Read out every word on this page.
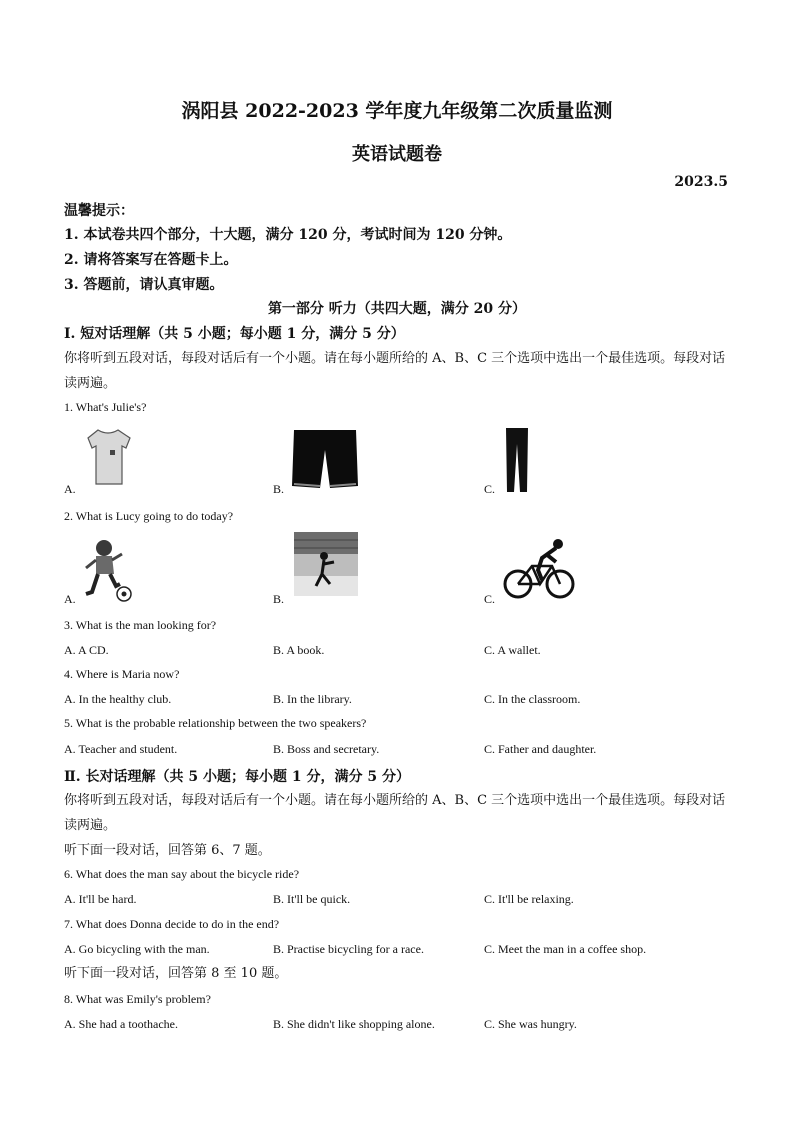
涡阳县 2022-2023 学年度九年级第二次质量监测
英语试题卷
2023.5
温馨提示：
1. 本试卷共四个部分，十大题，满分 120 分，考试时间为 120 分钟。
2. 请将答案写在答题卡上。
3. 答题前，请认真审题。
第一部分 听力（共四大题，满分 20 分）
Ⅰ. 短对话理解（共 5 小题；每小题 1 分，满分 5 分）
你将听到五段对话，每段对话后有一个小题。请在每小题所给的 A、B、C 三个选项中选出一个最佳选项。每段对话读两遍。
1. What's Julie's?
A.	B.	C.
2. What is Lucy going to do today?
A.	B.	C.
3. What is the man looking for?
A. A CD.	B. A book.	C. A wallet.
4. Where is Maria now?
A. In the healthy club.	B. In the library.	C. In the classroom.
5. What is the probable relationship between the two speakers?
A. Teacher and student.	B. Boss and secretary.	C. Father and daughter.
Ⅱ. 长对话理解（共 5 小题；每小题 1 分，满分 5 分）
你将听到五段对话，每段对话后有一个小题。请在每小题所给的 A、B、C 三个选项中选出一个最佳选项。每段对话读两遍。
听下面一段对话，回答第 6、7 题。
6. What does the man say about the bicycle ride?
A. It'll be hard.	B. It'll be quick.	C. It'll be relaxing.
7. What does Donna decide to do in the end?
A. Go bicycling with the man.	B. Practise bicycling for a race.	C. Meet the man in a coffee shop.
听下面一段对话，回答第 8 至 10 题。
8. What was Emily's problem?
A. She had a toothache.	B. She didn't like shopping alone.	C. She was hungry.
